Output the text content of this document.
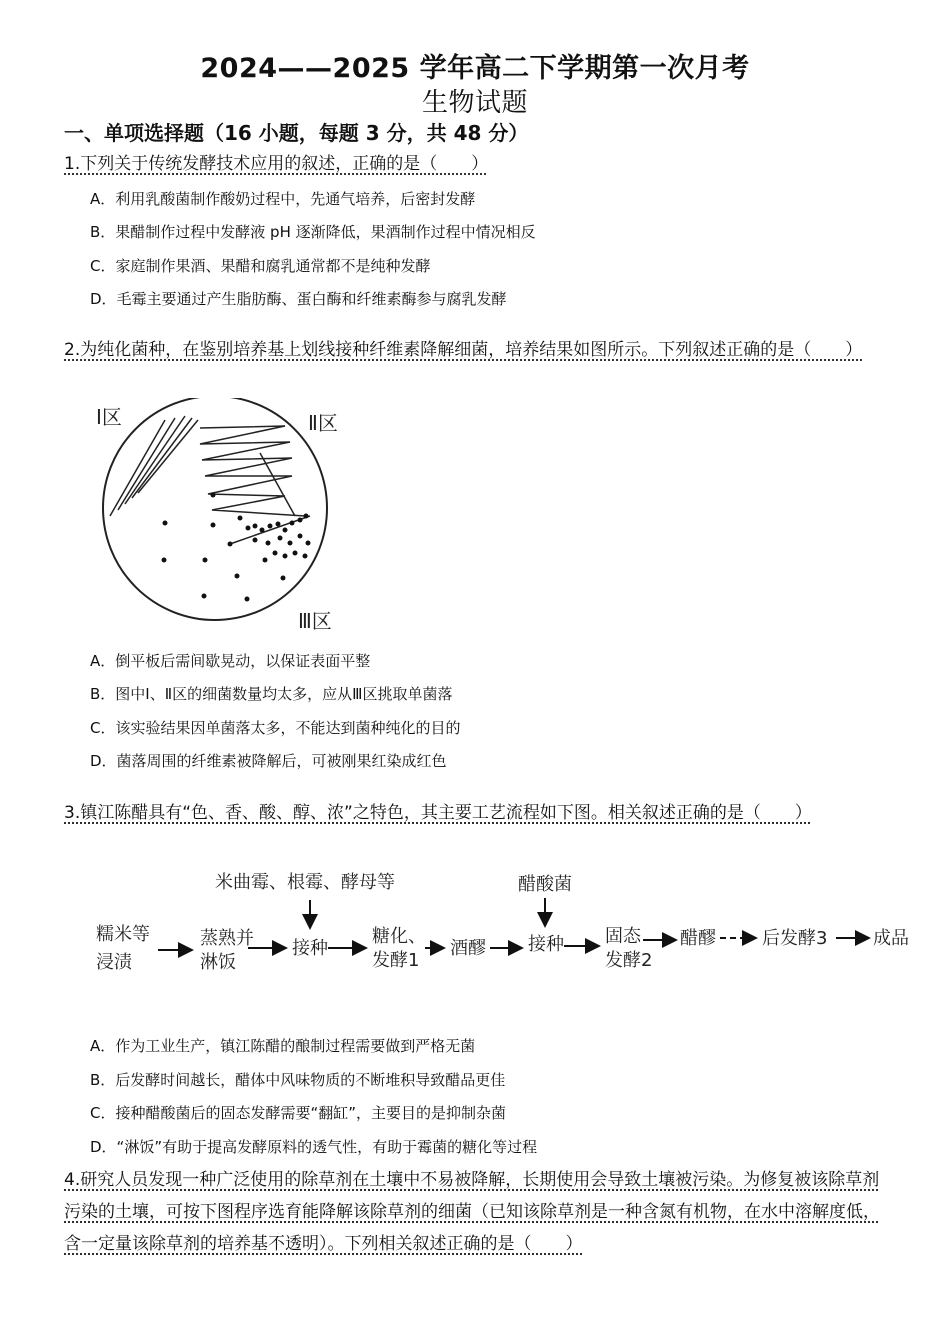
2024——2025 学年高二下学期第一次月考
生物试题
一、单项选择题（16 小题，每题 3 分，共 48 分）
1.下列关于传统发酵技术应用的叙述，正确的是（　　）
A．利用乳酸菌制作酸奶过程中，先通气培养，后密封发酵
B．果醋制作过程中发酵液 pH 逐渐降低，果酒制作过程中情况相反
C．家庭制作果酒、果醋和腐乳通常都不是纯种发酵
D．毛霉主要通过产生脂肪酶、蛋白酶和纤维素酶参与腐乳发酵
2.为纯化菌种，在鉴别培养基上划线接种纤维素降解细菌，培养结果如图所示。下列叙述正确的是（　　）
Ⅰ区	Ⅱ区
Ⅲ区
A．倒平板后需间歇晃动，以保证表面平整
B．图中Ⅰ、Ⅱ区的细菌数量均太多，应从Ⅲ区挑取单菌落
C．该实验结果因单菌落太多，不能达到菌种纯化的目的
D．菌落周围的纤维素被降解后，可被刚果红染成红色
3.镇江陈醋具有“色、香、酸、醇、浓”之特色，其主要工艺流程如下图。相关叙述正确的是（　　）
米曲霉、根霉、酵母等	醋酸菌
糯米等
浸渍
蒸熟并
淋饭
接种
糖化、
发酵1
酒醪 接种 固态
发酵2
醋醪	后发酵3	成品
A．作为工业生产，镇江陈醋的酿制过程需要做到严格无菌
B．后发酵时间越长，醋体中风味物质的不断堆积导致醋品更佳
C．接种醋酸菌后的固态发酵需要“翻缸”，主要目的是抑制杂菌
D．“淋饭”有助于提高发酵原料的透气性，有助于霉菌的糖化等过程
4.研究人员发现一种广泛使用的除草剂在土壤中不易被降解，长期使用会导致土壤被污染。为修复被该除草剂污染的土壤，可按下图程序选育能降解该除草剂的细菌（已知该除草剂是一种含氮有机物，在水中溶解度低，含一定量该除草剂的培养基不透明）。下列相关叙述正确的是（　　）
